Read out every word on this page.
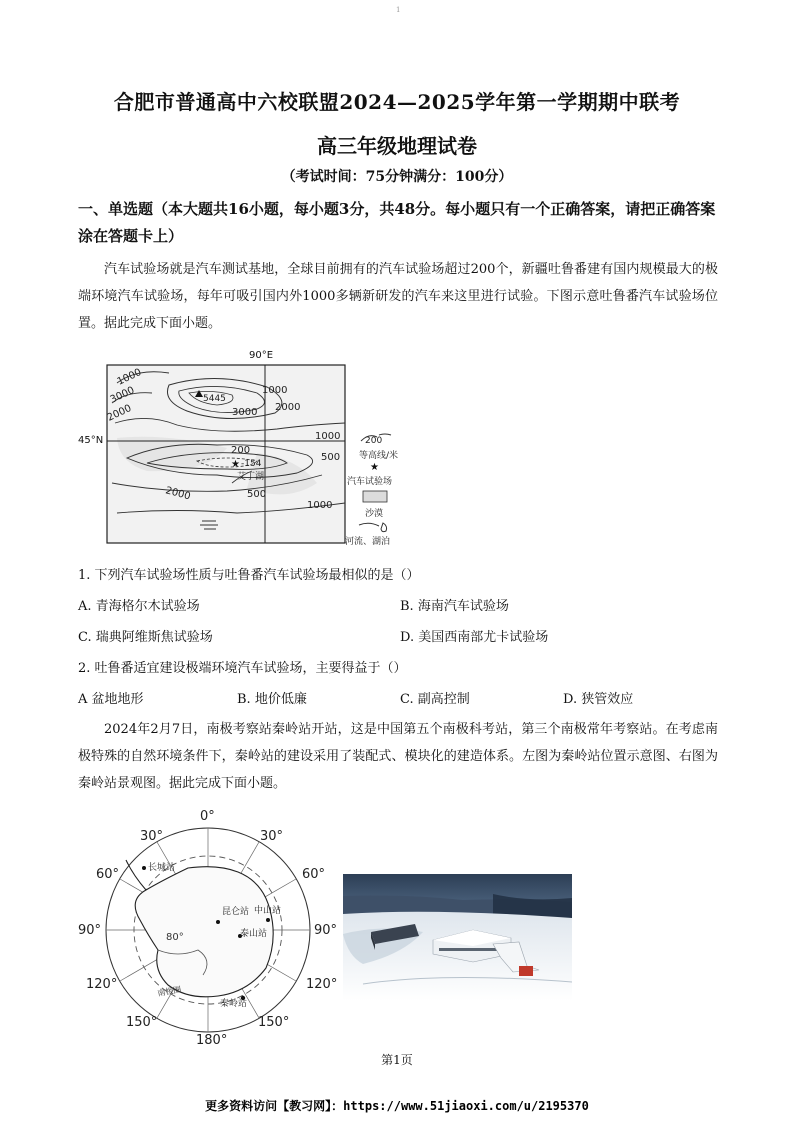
1
合肥市普通高中六校联盟2024—2025学年第一学期期中联考
高三年级地理试卷
（考试时间：75分钟满分：100分）
一、单选题（本大题共16小题，每小题3分，共48分。每小题只有一个正确答案，请把正确答案涂在答题卡上）
汽车试验场就是汽车测试基地，全球目前拥有的汽车试验场超过200个，新疆吐鲁番建有国内规模最大的极端环境汽车试验场，每年可吸引国内外1000多辆新研发的汽车来这里进行试验。下图示意吐鲁番汽车试验场位置。据此完成下面小题。
★
1000
5445
3000
2000
1000
3000 2000
1000
200
500
-154
艾丁湖
500
2000
1000
200
等高线/米
★
汽车试验场
沙漠
河流、湖泊
90°E
45°N
1. 下列汽车试验场性质与吐鲁番汽车试验场最相似的是（）
A. 青海格尔木试验场	B. 海南汽车试验场
C. 瑞典阿维斯焦试验场	D. 美国西南部尤卡试验场
2. 吐鲁番适宜建设极端环境汽车试验场，主要得益于（）
A 盆地地形	B. 地价低廉	C. 副高控制	D. 狭管效应
2024年2月7日，南极考察站秦岭站开站，这是中国第五个南极科考站，第三个南极常年考察站。在考虑南极特殊的自然环境条件下，秦岭站的建设采用了装配式、模块化的建造体系。左图为秦岭站位置示意图、右图为秦岭站景观图。据此完成下面小题。
0°
30°	30°
60°	60°
90°	90°
120°	120°
150°	150°
180°
80°
长城站
昆仑站 中山站
泰山站
秦岭站
南极圈
第1页
更多资料访问【教习网】：https://www.51jiaoxi.com/u/2195370
